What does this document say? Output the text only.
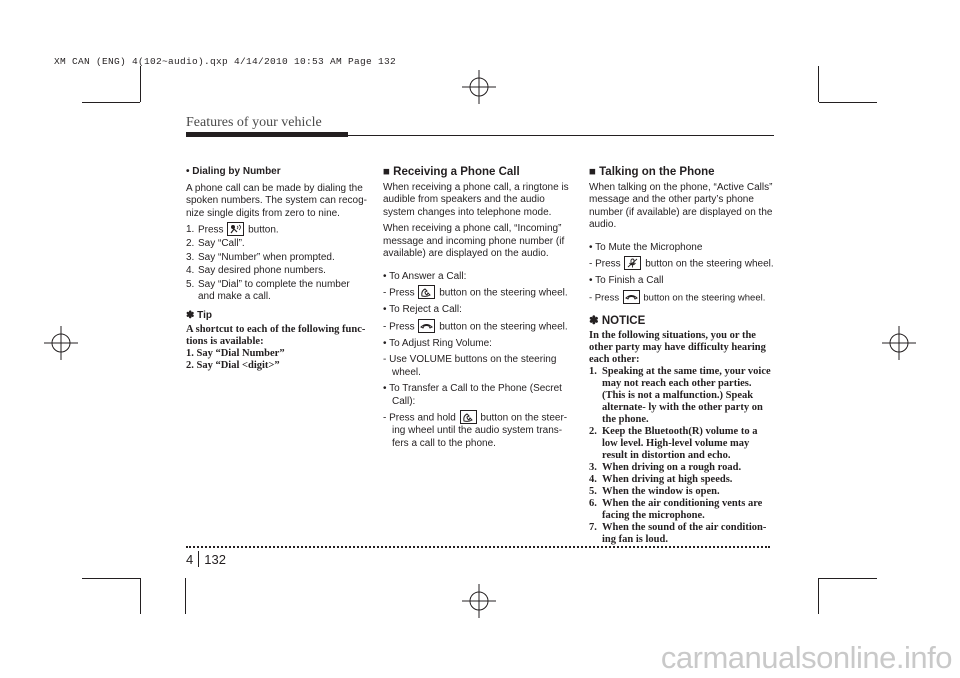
XM CAN (ENG) 4(102~audio).qxp 4/14/2010 10:53 AM Page 132
Features of your vehicle

• Dialing by Number

A phone call can be made by dialing the spoken numbers. The system can recog- nize single digits from zero to nine.

1. Press button.
2. Say “Call”.
3. Say “Number” when prompted.
4. Say desired phone numbers.
5. Say “Dial” to complete the number and make a call.
✽ Tip
A shortcut to each of the following func- tions is available:
1. Say “Dial Number”
2. Say “Dial <digit>”
■ Receiving a Phone Call

When receiving a phone call, a ringtone is audible from speakers and the audio system changes into telephone mode.

When receiving a phone call, “Incoming” message and incoming phone number (if available) are displayed on the audio.

• To Answer a Call:

- Press button on the steering wheel.

• To Reject a Call:

- Press button on the steering wheel.

• To Adjust Ring Volume:

- Use VOLUME buttons on the steering wheel.

• To Transfer a Call to the Phone (Secret Call):

- Press and hold button on the steer- ing wheel until the audio system trans- fers a call to the phone.

■ Talking on the Phone

When talking on the phone, “Active Calls” message and the other party’s phone number (if available) are displayed on the audio.

• To Mute the Microphone

- Press button on the steering wheel.

• To Finish a Call

- Press	button on the steering wheel.

✽ NOTICE

In the following situations, you or the other party may have difficulty hearing each other:

1. Speaking at the same time, your voice may not reach each other parties. (This is not a malfunction.) Speak alternate- ly with the other party on the phone.
2. Keep the Bluetooth(R) volume to a low level. High-level volume may result in distortion and echo.
3. When driving on a rough road.
4. When driving at high speeds.
5. When the window is open.
6. When the air conditioning vents are facing the microphone.
7. When the sound of the air condition- ing fan is loud.
4 132
carmanualsonline.info
